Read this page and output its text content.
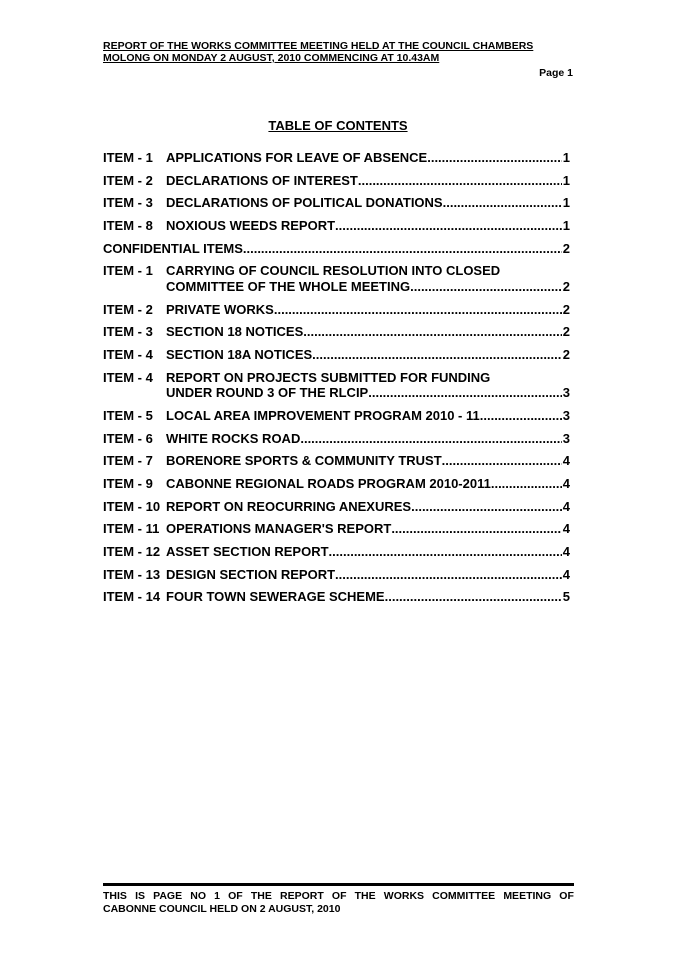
REPORT OF THE WORKS COMMITTEE MEETING HELD AT THE COUNCIL CHAMBERS
MOLONG ON MONDAY 2 AUGUST, 2010 COMMENCING AT 10.43AM
Page 1
TABLE OF CONTENTS
ITEM - 1	APPLICATIONS FOR LEAVE OF ABSENCE .....	1
ITEM - 2	DECLARATIONS OF INTEREST .....	1
ITEM - 3	DECLARATIONS OF POLITICAL DONATIONS .....	1
ITEM - 8	NOXIOUS WEEDS REPORT .....	1
CONFIDENTIAL ITEMS .....	2
ITEM - 1	CARRYING OF COUNCIL RESOLUTION INTO CLOSED
COMMITTEE OF THE WHOLE MEETING .....	2
ITEM - 2	PRIVATE WORKS .....	2
ITEM - 3	SECTION 18 NOTICES .....	2
ITEM - 4	SECTION 18A NOTICES .....	2
ITEM - 4	REPORT ON PROJECTS SUBMITTED FOR FUNDING
UNDER ROUND 3 OF THE RLCIP .....	3
ITEM - 5	LOCAL AREA IMPROVEMENT PROGRAM 2010 - 11 .....	3
ITEM - 6	WHITE ROCKS ROAD .....	3
ITEM - 7	BORENORE SPORTS & COMMUNITY TRUST .....	4
ITEM - 9	CABONNE REGIONAL ROADS PROGRAM 2010-2011 .....	4
ITEM - 10 REPORT ON REOCURRING ANEXURES .....	4
ITEM - 11 OPERATIONS MANAGER'S REPORT .....	4
ITEM - 12 ASSET SECTION REPORT .....	4
ITEM - 13 DESIGN SECTION REPORT .....	4
ITEM - 14 FOUR TOWN SEWERAGE SCHEME .....	5
THIS IS PAGE NO 1 OF THE REPORT OF THE WORKS COMMITTEE MEETING OF
CABONNE COUNCIL HELD ON 2 AUGUST, 2010
